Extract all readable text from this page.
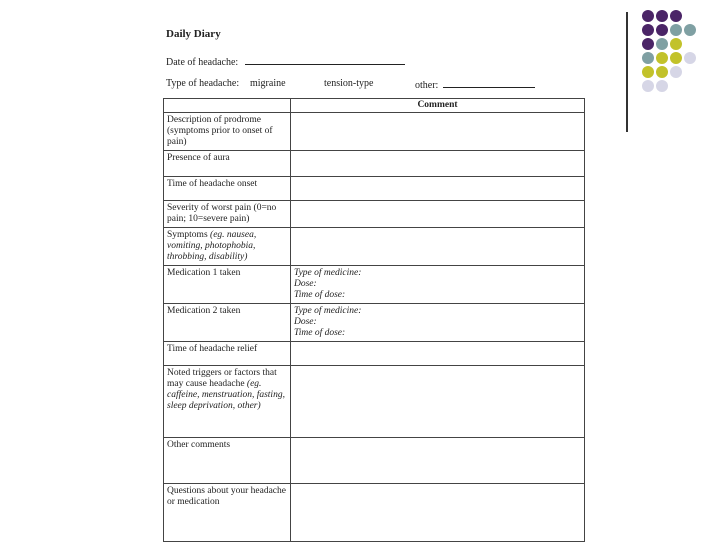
Daily Diary
Date of headache:
Type of headache: migraine	tension-type	other:
	Comment
Description of prodrome (symptoms prior to onset of pain)	
Presence of aura	
Time of headache onset	
Severity of worst pain (0=no pain; 10=severe pain)	
Symptoms (eg. nausea, vomiting, photophobia, throbbing, disability)	
Medication 1 taken	Type of medicine:
Dose:
Time of dose:

Medication 2 taken	Type of medicine:
Dose:
Time of dose:

Time of headache relief	
Noted triggers or factors that may cause headache (eg. caffeine, menstruation, fasting, sleep deprivation, other)	
Other comments	
Questions about your headache or medication	
